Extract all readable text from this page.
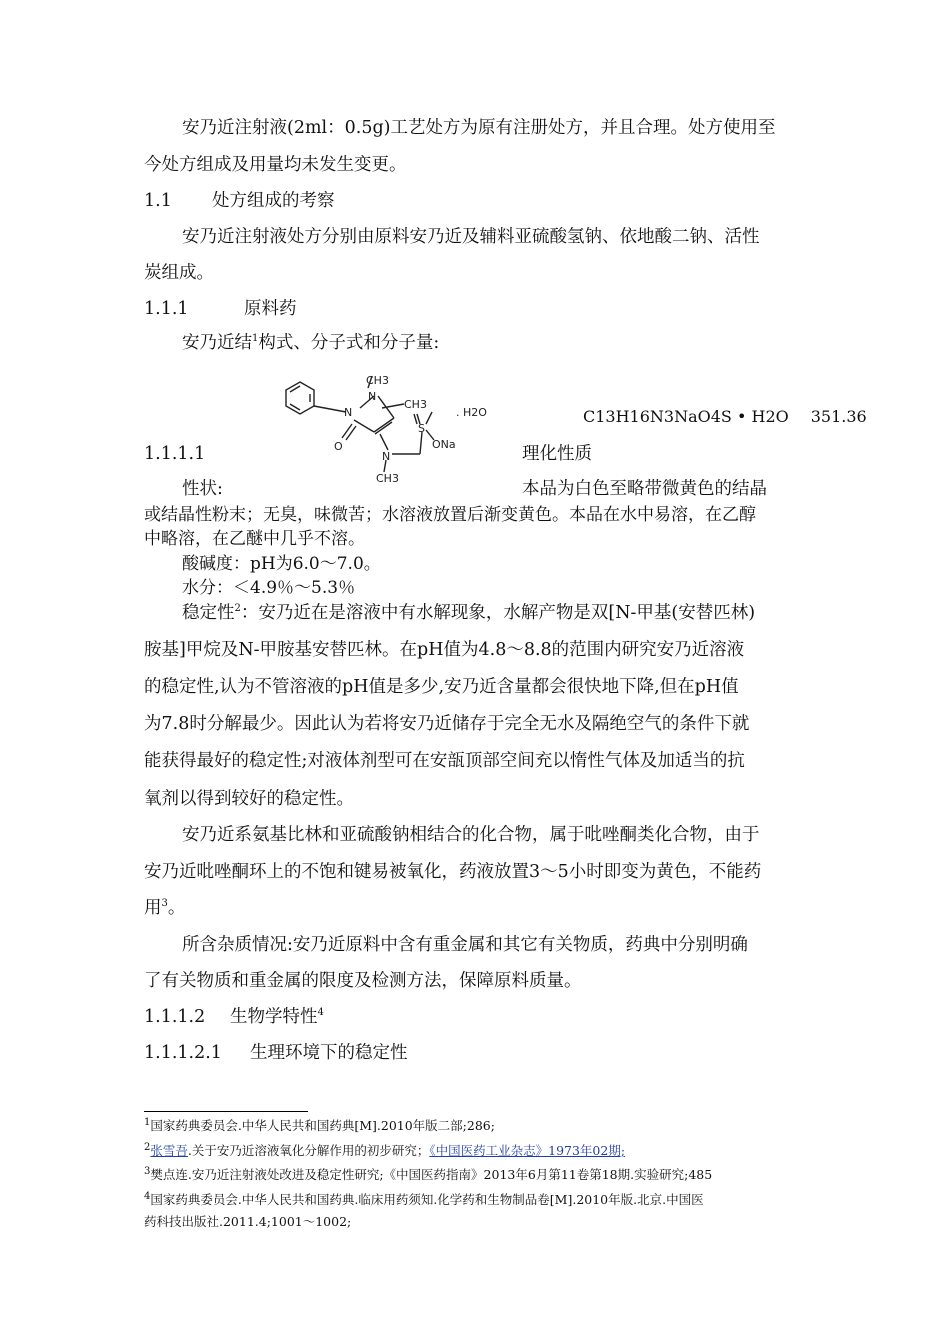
安乃近注射液(2ml：0.5g)工艺处方为原有注册处方，并且合理。处方使用至
今处方组成及用量均未发生变更。
1.1 处方组成的考察
安乃近注射液处方分别由原料安乃近及辅料亚硫酸氢钠、依地酸二钠、活性
炭组成。
1.1.1	原料药
安乃近结$^1$构式、分子式和分子量:
CH3
N
N
CH3
O
N
S
ONa
CH3
. H2O	C13H16N3NaO4S • H2O 351.36
1.1.1.1	理化性质
性状:	本品为白色至略带微黄色的结晶
或结晶性粉末；无臭，味微苦；水溶液放置后渐变黄色。本品在水中易溶，在乙醇
中略溶，在乙醚中几乎不溶。
酸碱度：pH为6.0～7.0。
水分：＜4.9％～5.3％
稳定性$^2$：安乃近在是溶液中有水解现象，水解产物是双[N-甲基(安替匹林)
胺基]甲烷及N-甲胺基安替匹林。在pH值为4.8～8.8的范围内研究安乃近溶液
的稳定性,认为不管溶液的pH值是多少,安乃近含量都会很快地下降,但在pH值
为7.8时分解最少。因此认为若将安乃近储存于完全无水及隔绝空气的条件下就
能获得最好的稳定性;对液体剂型可在安瓿顶部空间充以惰性气体及加适当的抗
氧剂以得到较好的稳定性。
安乃近系氨基比林和亚硫酸钠相结合的化合物，属于吡唑酮类化合物，由于
安乃近吡唑酮环上的不饱和键易被氧化，药液放置3～5小时即变为黄色，不能药
用$^3$。
所含杂质情况:安乃近原料中含有重金属和其它有关物质，药典中分别明确
了有关物质和重金属的限度及检测方法，保障原料质量。
1.1.1.2 生物学特性$^4$
1.1.1.2.1 生理环境下的稳定性
$^1$国家药典委员会.中华人民共和国药典[M].2010年版二部;286;
$^2$张雪吾.关于安乃近溶液氧化分解作用的初步研究；《中国医药工业杂志》1973年02期;
$^3$樊点连.安乃近注射液处改进及稳定性研究;《中国医药指南》2013年6月第11卷第18期.实验研究;485
$^4$国家药典委员会.中华人民共和国药典.临床用药须知.化学药和生物制品卷[M].2010年版.北京.中国医
药科技出版社.2011.4;1001～1002;
